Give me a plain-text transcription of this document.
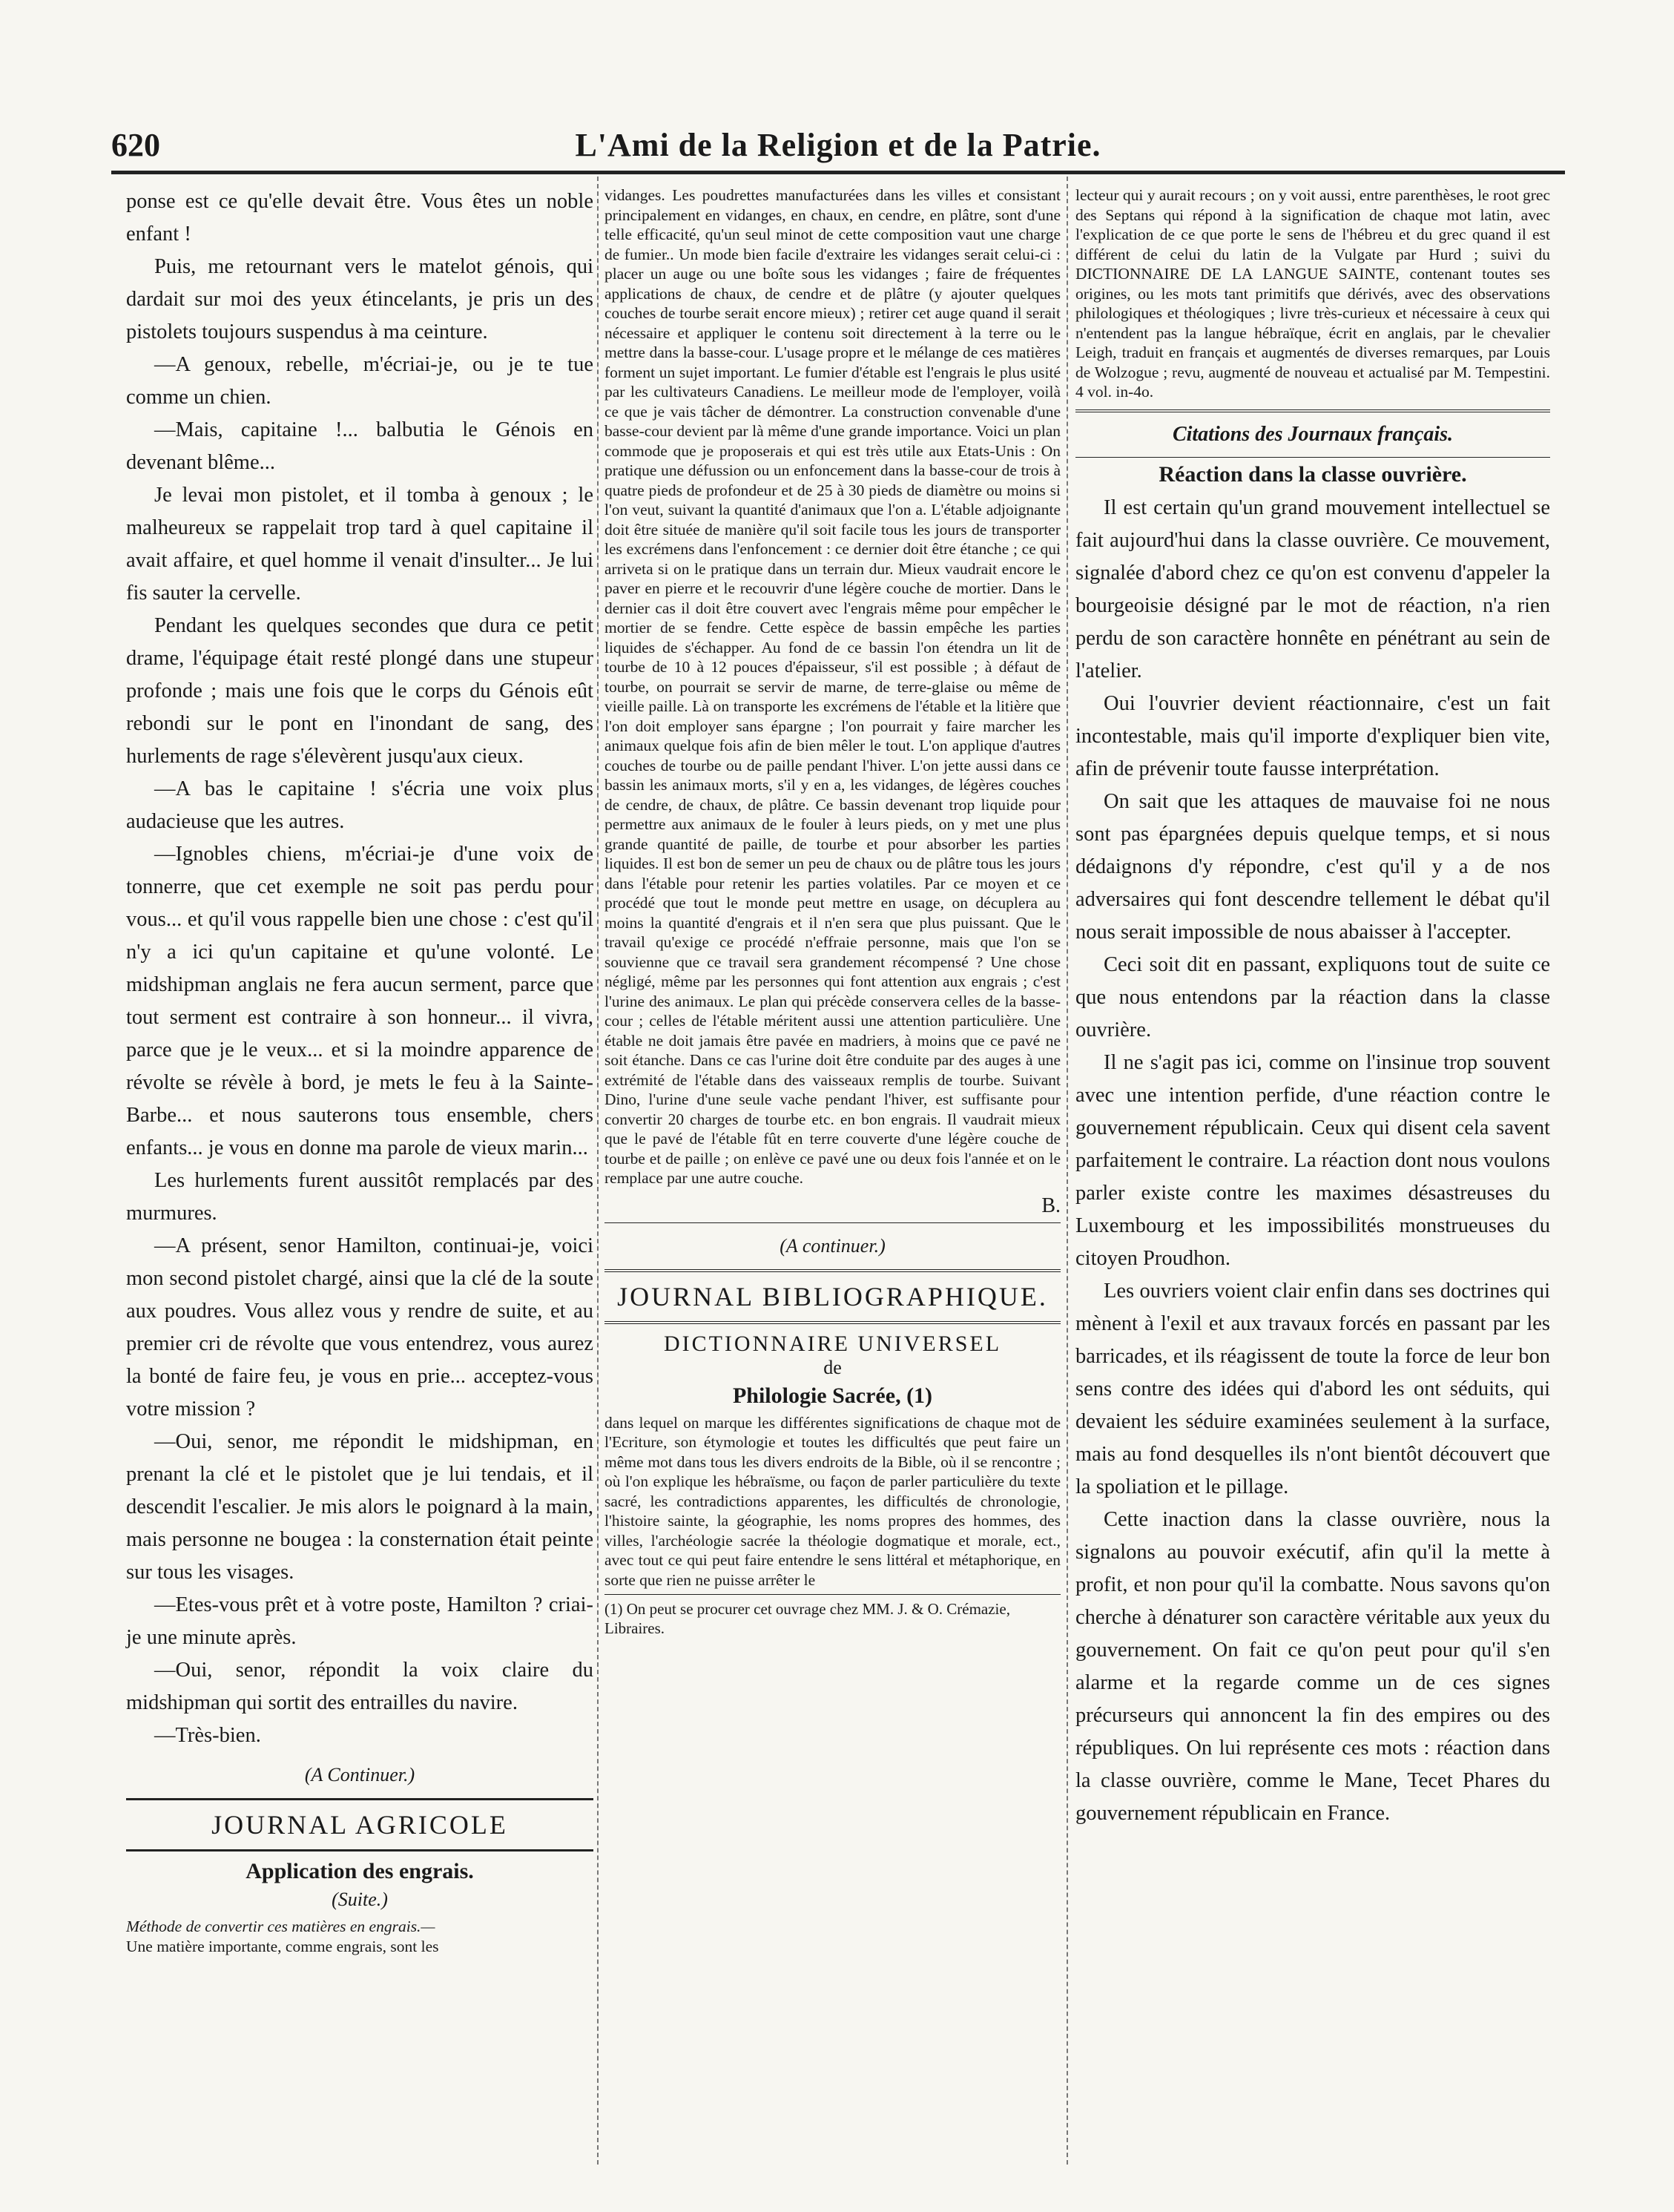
620	L'Ami de la Religion et de la Patrie.

ponse est ce qu'elle devait être. Vous êtes un noble enfant !

Puis, me retournant vers le matelot génois, qui dardait sur moi des yeux étincelants, je pris un des pistolets toujours suspendus à ma ceinture.

—A genoux, rebelle, m'écriai-je, ou je te tue comme un chien.

—Mais, capitaine !... balbutia le Génois en devenant blême...

Je levai mon pistolet, et il tomba à genoux ; le malheureux se rappelait trop tard à quel capitaine il avait affaire, et quel homme il venait d'insulter... Je lui fis sauter la cervelle.

Pendant les quelques secondes que dura ce petit drame, l'équipage était resté plongé dans une stupeur profonde ; mais une fois que le corps du Génois eût rebondi sur le pont en l'inondant de sang, des hurlements de rage s'élevèrent jusqu'aux cieux.

—A bas le capitaine ! s'écria une voix plus audacieuse que les autres.

—Ignobles chiens, m'écriai-je d'une voix de tonnerre, que cet exemple ne soit pas perdu pour vous... et qu'il vous rappelle bien une chose : c'est qu'il n'y a ici qu'un capitaine et qu'une volonté. Le midshipman anglais ne fera aucun serment, parce que tout serment est contraire à son honneur... il vivra, parce que je le veux... et si la moindre apparence de révolte se révèle à bord, je mets le feu à la Sainte-Barbe... et nous sauterons tous ensemble, chers enfants... je vous en donne ma parole de vieux marin...

Les hurlements furent aussitôt remplacés par des murmures.

—A présent, senor Hamilton, continuai-je, voici mon second pistolet chargé, ainsi que la clé de la soute aux poudres. Vous allez vous y rendre de suite, et au premier cri de révolte que vous entendrez, vous aurez la bonté de faire feu, je vous en prie... acceptez-vous votre mission ?

—Oui, senor, me répondit le midshipman, en prenant la clé et le pistolet que je lui tendais, et il descendit l'escalier. Je mis alors le poignard à la main, mais personne ne bougea : la consternation était peinte sur tous les visages.

—Etes-vous prêt et à votre poste, Hamilton ? criai-je une minute après.

—Oui, senor, répondit la voix claire du midshipman qui sortit des entrailles du navire.

—Très-bien.

(A Continuer.)
JOURNAL AGRICOLE
Application des engrais.
(Suite.)

Méthode de convertir ces matières en engrais.—

Une matière importante, comme engrais, sont les

vidanges. Les poudrettes manufacturées dans les villes et consistant principalement en vidanges, en chaux, en cendre, en plâtre, sont d'une telle efficacité, qu'un seul minot de cette composition vaut une charge de fumier.. Un mode bien facile d'extraire les vidanges serait celui-ci : placer un auge ou une boîte sous les vidanges ; faire de fréquentes applications de chaux, de cendre et de plâtre (y ajouter quelques couches de tourbe serait encore mieux) ; retirer cet auge quand il serait nécessaire et appliquer le contenu soit directement à la terre ou le mettre dans la basse-cour. L'usage propre et le mélange de ces matières forment un sujet important. Le fumier d'étable est l'engrais le plus usité par les cultivateurs Canadiens. Le meilleur mode de l'employer, voilà ce que je vais tâcher de démontrer. La construction convenable d'une basse-cour devient par là même d'une grande importance. Voici un plan commode que je proposerais et qui est très utile aux Etats-Unis : On pratique une défussion ou un enfoncement dans la basse-cour de trois à quatre pieds de profondeur et de 25 à 30 pieds de diamètre ou moins si l'on veut, suivant la quantité d'animaux que l'on a. L'étable adjoignante doit être située de manière qu'il soit facile tous les jours de transporter les excrémens dans l'enfoncement : ce dernier doit être étanche ; ce qui arriveta si on le pratique dans un terrain dur. Mieux vaudrait encore le paver en pierre et le recouvrir d'une légère couche de mortier. Dans le dernier cas il doit être couvert avec l'engrais même pour empêcher le mortier de se fendre. Cette espèce de bassin empêche les parties liquides de s'échapper. Au fond de ce bassin l'on étendra un lit de tourbe de 10 à 12 pouces d'épaisseur, s'il est possible ; à défaut de tourbe, on pourrait se servir de marne, de terre-glaise ou même de vieille paille. Là on transporte les excrémens de l'étable et la litière que l'on doit employer sans épargne ; l'on pourrait y faire marcher les animaux quelque fois afin de bien mêler le tout. L'on applique d'autres couches de tourbe ou de paille pendant l'hiver. L'on jette aussi dans ce bassin les animaux morts, s'il y en a, les vidanges, de légères couches de cendre, de chaux, de plâtre. Ce bassin devenant trop liquide pour permettre aux animaux de le fouler à leurs pieds, on y met une plus grande quantité de paille, de tourbe et pour absorber les parties liquides. Il est bon de semer un peu de chaux ou de plâtre tous les jours dans l'étable pour retenir les parties volatiles. Par ce moyen et ce procédé que tout le monde peut mettre en usage, on décuplera au moins la quantité d'engrais et il n'en sera que plus puissant. Que le travail qu'exige ce procédé n'effraie personne, mais que l'on se souvienne que ce travail sera grandement récompensé ? Une chose négligé, même par les personnes qui font attention aux engrais ; c'est l'urine des animaux. Le plan qui précède conservera celles de la basse-cour ; celles de l'étable méritent aussi une attention particulière. Une étable ne doit jamais être pavée en madriers, à moins que ce pavé ne soit étanche. Dans ce cas l'urine doit être conduite par des auges à une extrémité de l'étable dans des vaisseaux remplis de tourbe. Suivant Dino, l'urine d'une seule vache pendant l'hiver, est suffisante pour convertir 20 charges de tourbe etc. en bon engrais. Il vaudrait mieux que le pavé de l'étable fût en terre couverte d'une légère couche de tourbe et de paille ; on enlève ce pavé une ou deux fois l'année et on le remplace par une autre couche.

B.
(A continuer.)
JOURNAL BIBLIOGRAPHIQUE.
DICTIONNAIRE UNIVERSEL
de
Philologie Sacrée, (1)

dans lequel on marque les différentes significations de chaque mot de l'Ecriture, son étymologie et toutes les difficultés que peut faire un même mot dans tous les divers endroits de la Bible, où il se rencontre ; où l'on explique les hébraïsme, ou façon de parler particulière du texte sacré, les contradictions apparentes, les difficultés de chronologie, l'histoire sainte, la géographie, les noms propres des hommes, des villes, l'archéologie sacrée la théologie dogmatique et morale, ect., avec tout ce qui peut faire entendre le sens littéral et métaphorique, en sorte que rien ne puisse arrêter le

(1) On peut se procurer cet ouvrage chez MM. J. & O. Crémazie, Libraires.

lecteur qui y aurait recours ; on y voit aussi, entre parenthèses, le root grec des Septans qui répond à la signification de chaque mot latin, avec l'explication de ce que porte le sens de l'hébreu et du grec quand il est différent de celui du latin de la Vulgate par Hurd ; suivi du DICTIONNAIRE DE LA LANGUE SAINTE, contenant toutes ses origines, ou les mots tant primitifs que dérivés, avec des observations philologiques et théologiques ; livre très-curieux et nécessaire à ceux qui n'entendent pas la langue hébraïque, écrit en anglais, par le chevalier Leigh, traduit en français et augmentés de diverses remarques, par Louis de Wolzogue ; revu, augmenté de nouveau et actualisé par M. Tempestini. 4 vol. in-4o.

Citations des Journaux français.
Réaction dans la classe ouvrière.

Il est certain qu'un grand mouvement intellectuel se fait aujourd'hui dans la classe ouvrière. Ce mouvement, signalée d'abord chez ce qu'on est convenu d'appeler la bourgeoisie désigné par le mot de réaction, n'a rien perdu de son caractère honnête en pénétrant au sein de l'atelier.

Oui l'ouvrier devient réactionnaire, c'est un fait incontestable, mais qu'il importe d'expliquer bien vite, afin de prévenir toute fausse interprétation.

On sait que les attaques de mauvaise foi ne nous sont pas épargnées depuis quelque temps, et si nous dédaignons d'y répondre, c'est qu'il y a de nos adversaires qui font descendre tellement le débat qu'il nous serait impossible de nous abaisser à l'accepter.

Ceci soit dit en passant, expliquons tout de suite ce que nous entendons par la réaction dans la classe ouvrière.

Il ne s'agit pas ici, comme on l'insinue trop souvent avec une intention perfide, d'une réaction contre le gouvernement républicain. Ceux qui disent cela savent parfaitement le contraire. La réaction dont nous voulons parler existe contre les maximes désastreuses du Luxembourg et les impossibilités monstrueuses du citoyen Proudhon.

Les ouvriers voient clair enfin dans ses doctrines qui mènent à l'exil et aux travaux forcés en passant par les barricades, et ils réagissent de toute la force de leur bon sens contre des idées qui d'abord les ont séduits, qui devaient les séduire examinées seulement à la surface, mais au fond desquelles ils n'ont bientôt découvert que la spoliation et le pillage.

Cette inaction dans la classe ouvrière, nous la signalons au pouvoir exécutif, afin qu'il la mette à profit, et non pour qu'il la combatte. Nous savons qu'on cherche à dénaturer son caractère véritable aux yeux du gouvernement. On fait ce qu'on peut pour qu'il s'en alarme et la regarde comme un de ces signes précurseurs qui annoncent la fin des empires ou des républiques. On lui représente ces mots : réaction dans la classe ouvrière, comme le Mane, Tecet Phares du gouvernement républicain en France.
